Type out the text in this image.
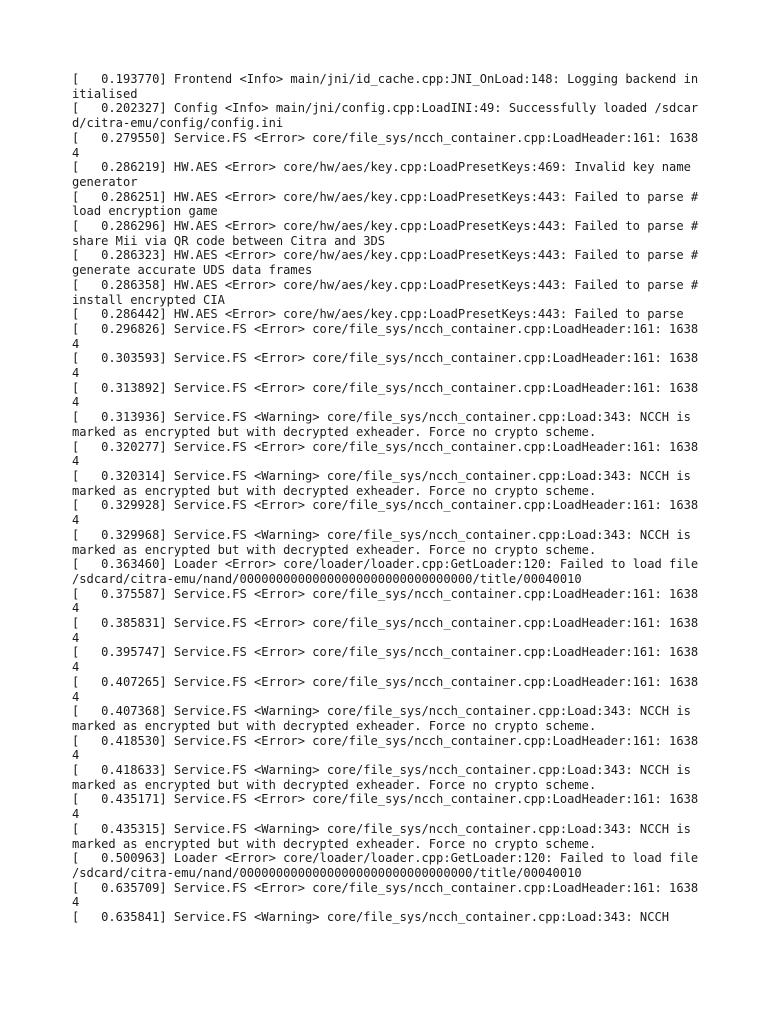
[   0.193770] Frontend <Info> main/jni/id_cache.cpp:JNI_OnLoad:148: Logging backend initialised

[   0.202327] Config <Info> main/jni/config.cpp:LoadINI:49: Successfully loaded /sdcard/citra-emu/config/config.ini

[   0.279550] Service.FS <Error> core/file_sys/ncch_container.cpp:LoadHeader:161: 16384

[   0.286219] HW.AES <Error> core/hw/aes/key.cpp:LoadPresetKeys:469: Invalid key name generator

[   0.286251] HW.AES <Error> core/hw/aes/key.cpp:LoadPresetKeys:443: Failed to parse # load encryption game

[   0.286296] HW.AES <Error> core/hw/aes/key.cpp:LoadPresetKeys:443: Failed to parse # share Mii via QR code between Citra and 3DS

[   0.286323] HW.AES <Error> core/hw/aes/key.cpp:LoadPresetKeys:443: Failed to parse # generate accurate UDS data frames

[   0.286358] HW.AES <Error> core/hw/aes/key.cpp:LoadPresetKeys:443: Failed to parse # install encrypted CIA

[   0.286442] HW.AES <Error> core/hw/aes/key.cpp:LoadPresetKeys:443: Failed to parse

[   0.296826] Service.FS <Error> core/file_sys/ncch_container.cpp:LoadHeader:161: 16384

[   0.303593] Service.FS <Error> core/file_sys/ncch_container.cpp:LoadHeader:161: 16384

[   0.313892] Service.FS <Error> core/file_sys/ncch_container.cpp:LoadHeader:161: 16384

[   0.313936] Service.FS <Warning> core/file_sys/ncch_container.cpp:Load:343: NCCH is marked as encrypted but with decrypted exheader. Force no crypto scheme.

[   0.320277] Service.FS <Error> core/file_sys/ncch_container.cpp:LoadHeader:161: 16384

[   0.320314] Service.FS <Warning> core/file_sys/ncch_container.cpp:Load:343: NCCH is marked as encrypted but with decrypted exheader. Force no crypto scheme.

[   0.329928] Service.FS <Error> core/file_sys/ncch_container.cpp:LoadHeader:161: 16384

[   0.329968] Service.FS <Warning> core/file_sys/ncch_container.cpp:Load:343: NCCH is marked as encrypted but with decrypted exheader. Force no crypto scheme.

[   0.363460] Loader <Error> core/loader/loader.cpp:GetLoader:120: Failed to load file /sdcard/citra-emu/nand/00000000000000000000000000000000/title/00040010

[   0.375587] Service.FS <Error> core/file_sys/ncch_container.cpp:LoadHeader:161: 16384

[   0.385831] Service.FS <Error> core/file_sys/ncch_container.cpp:LoadHeader:161: 16384

[   0.395747] Service.FS <Error> core/file_sys/ncch_container.cpp:LoadHeader:161: 16384

[   0.407265] Service.FS <Error> core/file_sys/ncch_container.cpp:LoadHeader:161: 16384

[   0.407368] Service.FS <Warning> core/file_sys/ncch_container.cpp:Load:343: NCCH is marked as encrypted but with decrypted exheader. Force no crypto scheme.

[   0.418530] Service.FS <Error> core/file_sys/ncch_container.cpp:LoadHeader:161: 16384

[   0.418633] Service.FS <Warning> core/file_sys/ncch_container.cpp:Load:343: NCCH is marked as encrypted but with decrypted exheader. Force no crypto scheme.

[   0.435171] Service.FS <Error> core/file_sys/ncch_container.cpp:LoadHeader:161: 16384

[   0.435315] Service.FS <Warning> core/file_sys/ncch_container.cpp:Load:343: NCCH is marked as encrypted but with decrypted exheader. Force no crypto scheme.

[   0.500963] Loader <Error> core/loader/loader.cpp:GetLoader:120: Failed to load file /sdcard/citra-emu/nand/00000000000000000000000000000000/title/00040010

[   0.635709] Service.FS <Error> core/file_sys/ncch_container.cpp:LoadHeader:161: 16384

[   0.635841] Service.FS <Warning> core/file_sys/ncch_container.cpp:Load:343: NCCH
